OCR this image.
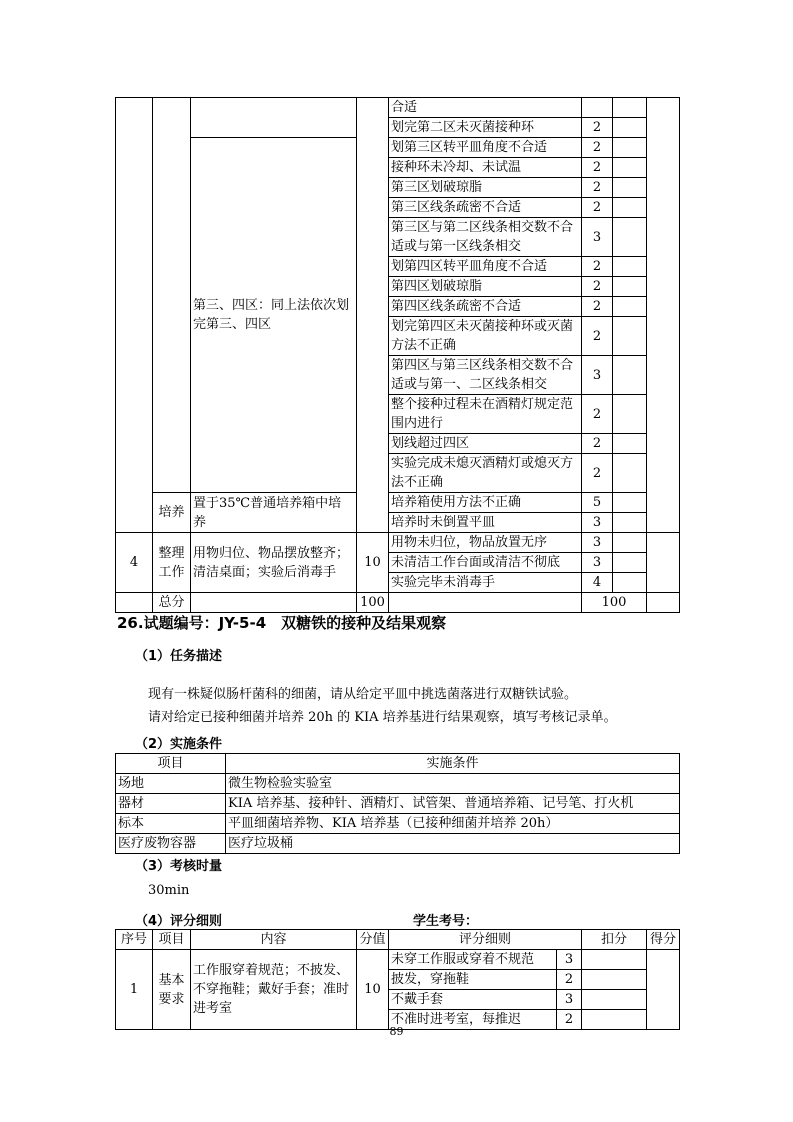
				合适			
				划完第二区未灭菌接种环	2		
		第三、四区：同上法依次划完第三、四区		划第三区转平皿角度不合适	2		
				接种环未冷却、未试温	2		
				第三区划破琼脂	2		
				第三区线条疏密不合适	2		
				第三区与第二区线条相交数不合适或与第一区线条相交	3		
				划第四区转平皿角度不合适	2		
				第四区划破琼脂	2		
				第四区线条疏密不合适	2		
				划完第四区未灭菌接种环或灭菌方法不正确	2		
				第四区与第三区线条相交数不合适或与第一、二区线条相交	3		
				整个接种过程未在酒精灯规定范围内进行	2		
				划线超过四区	2		
				实验完成未熄灭酒精灯或熄灭方法不正确	2		
	培养	置于35℃普通培养箱中培养		培养箱使用方法不正确	5		
				培养时未倒置平皿	3		
4	整理工作	用物归位、物品摆放整齐；清洁桌面；实验后消毒手	10	用物未归位，物品放置无序	3		
				未清洁工作台面或清洁不彻底	3		
				实验完毕未消毒手	4		
	总分		100		100		
26.试题编号：JY-5-4　双糖铁的接种及结果观察
（1）任务描述
现有一株疑似肠杆菌科的细菌，请从给定平皿中挑选菌落进行双糖铁试验。
请对给定已接种细菌并培养 20h 的 KIA 培养基进行结果观察，填写考核记录单。
（2）实施条件
项目	实施条件
场地	微生物检验实验室
器材	KIA 培养基、接种针、酒精灯、试管架、普通培养箱、记号笔、打火机
标本	平皿细菌培养物、KIA 培养基（已接种细菌并培养 20h）
医疗废物容器	医疗垃圾桶
（3）考核时量
30min
（4）评分细则	学生考号：
序号	项目	内容	分值	评分细则		扣分	得分
1	基本要求	工作服穿着规范；不披发、不穿拖鞋；戴好手套；准时进考室	10	未穿工作服或穿着不规范	3		
				披发，穿拖鞋	2		
				不戴手套	3		
				不准时进考室，每推迟	2		
89
